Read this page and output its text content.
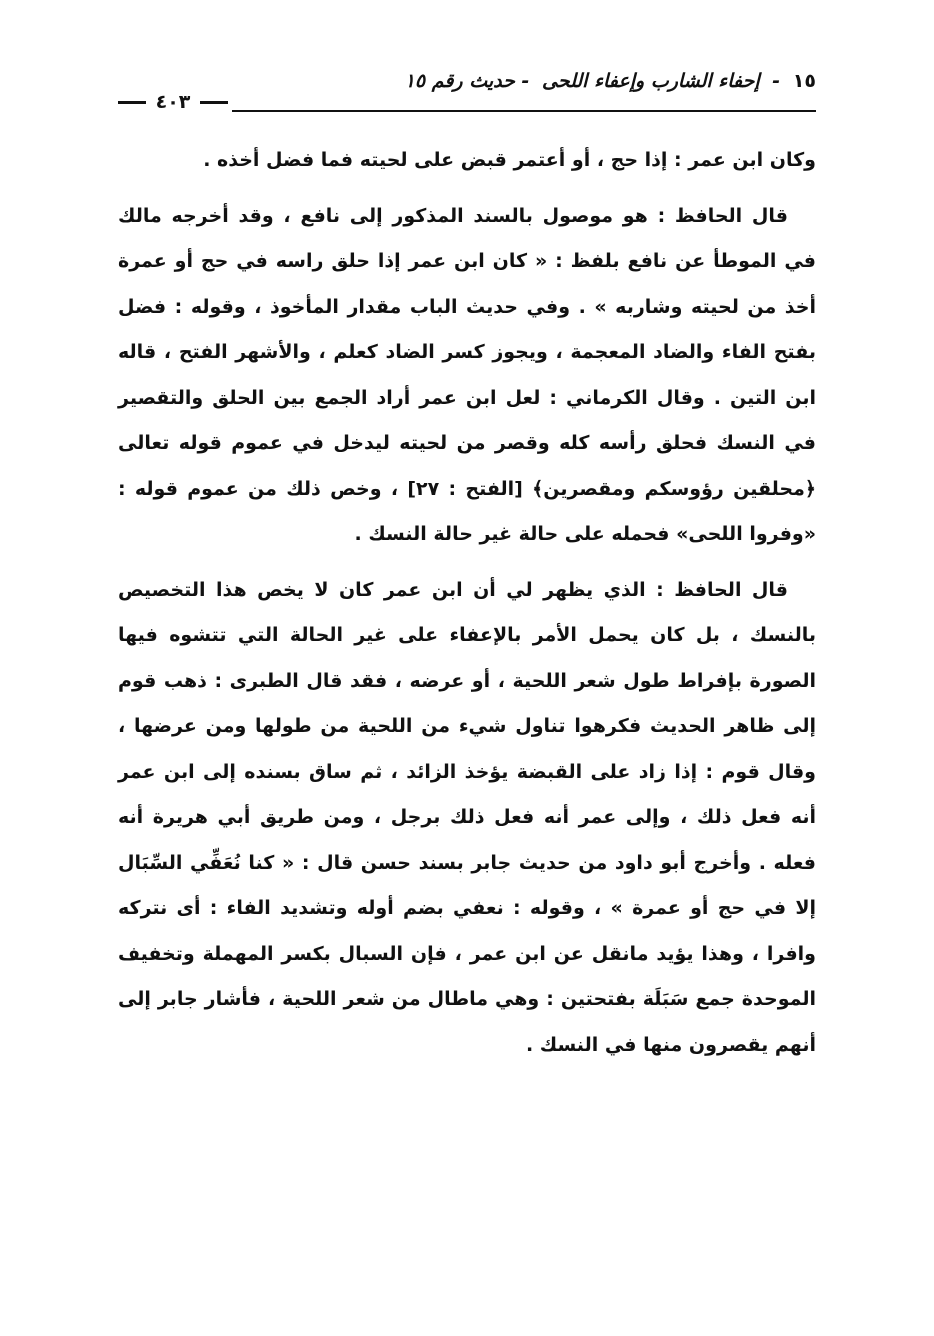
١٥ - إحفاء الشارب وإعفاء اللحى - حديث رقم ١٥
٤٠٣

وكان ابن عمر : إذا حج ، أو أعتمر قبض على لحيته فما فضل أخذه .

قال الحافظ : هو موصول بالسند المذكور إلى نافع ، وقد أخرجه مالك في الموطأ عن نافع بلفظ : « كان ابن عمر إذا حلق راسه في حج أو عمرة أخذ من لحيته وشاربه » . وفي حديث الباب مقدار المأخوذ ، وقوله : فضل بفتح الفاء والضاد المعجمة ، ويجوز كسر الضاد كعلم ، والأشهر الفتح ، قاله ابن التين . وقال الكرماني : لعل ابن عمر أراد الجمع بين الحلق والتقصير في النسك فحلق رأسه كله وقصر من لحيته ليدخل في عموم قوله تعالى ﴿محلقين رؤوسكم ومقصرين﴾ [الفتح : ٢٧] ، وخص ذلك من عموم قوله : «وفروا اللحى» فحمله على حالة غير حالة النسك .

قال الحافظ : الذي يظهر لي أن ابن عمر كان لا يخص هذا التخصيص بالنسك ، بل كان يحمل الأمر بالإعفاء على غير الحالة التي تتشوه فيها الصورة بإفراط طول شعر اللحية ، أو عرضه ، فقد قال الطبرى : ذهب قوم إلى ظاهر الحديث فكرهوا تناول شيء من اللحية من طولها ومن عرضها ، وقال قوم : إذا زاد على القبضة يؤخذ الزائد ، ثم ساق بسنده إلى ابن عمر أنه فعل ذلك ، وإلى عمر أنه فعل ذلك برجل ، ومن طريق أبي هريرة أنه فعله . وأخرج أبو داود من حديث جابر بسند حسن قال : « كنا نُعَفِّي السِّبَال إلا في حج أو عمرة » ، وقوله : نعفي بضم أوله وتشديد الفاء : أى نتركه وافرا ، وهذا يؤيد مانقل عن ابن عمر ، فإن السبال بكسر المهملة وتخفيف الموحدة جمع سَبَلَة بفتحتين : وهي ماطال من شعر اللحية ، فأشار جابر إلى أنهم يقصرون منها في النسك .
